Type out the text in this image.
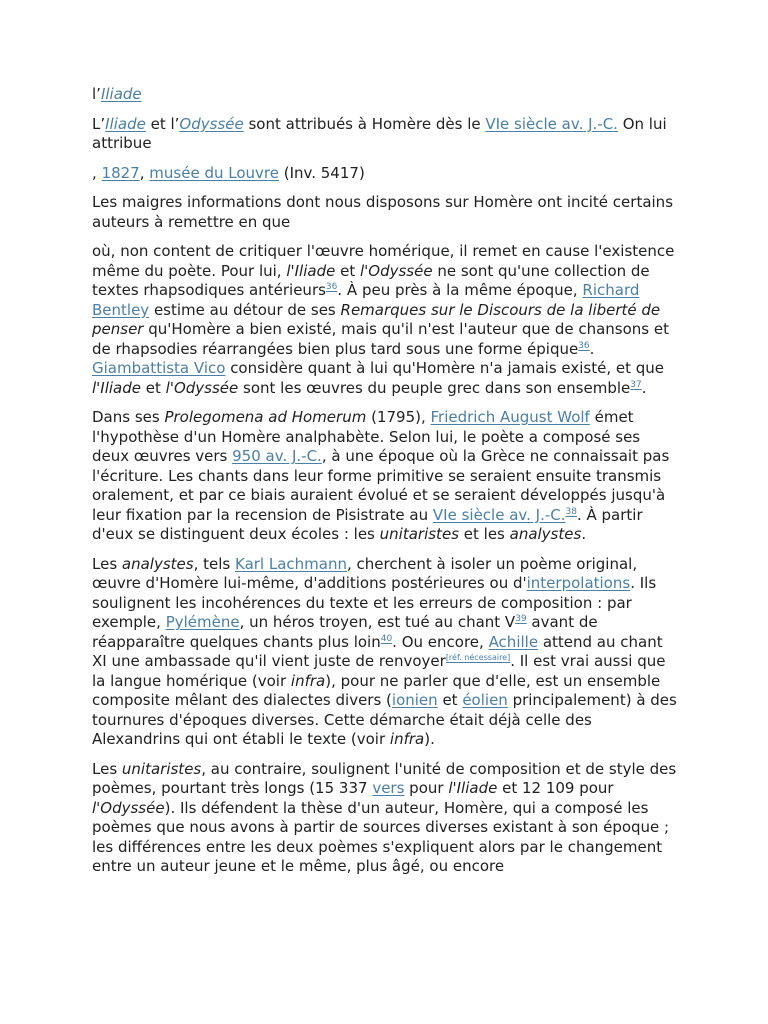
l’Iliade

L’Iliade et l’Odyssée sont attribués à Homère dès le VIe siècle av. J.-C. On lui attribue

, 1827, musée du Louvre (Inv. 5417)

Les maigres informations dont nous disposons sur Homère ont incité certains auteurs à remettre en que

où, non content de critiquer l'œuvre homérique, il remet en cause l'existence même du poète. Pour lui, l'Iliade et l'Odyssée ne sont qu'une collection de textes rhapsodiques antérieurs$^{36}$. À peu près à la même époque, Richard Bentley estime au détour de ses Remarques sur le Discours de la liberté de penser qu'Homère a bien existé, mais qu'il n'est l'auteur que de chansons et de rhapsodies réarrangées bien plus tard sous une forme épique$^{36}$. Giambattista Vico considère quant à lui qu'Homère n'a jamais existé, et que l'Iliade et l'Odyssée sont les œuvres du peuple grec dans son ensemble$^{37}$.

Dans ses Prolegomena ad Homerum (1795), Friedrich August Wolf émet l'hypothèse d'un Homère analphabète. Selon lui, le poète a composé ses deux œuvres vers 950 av. J.-C., à une époque où la Grèce ne connaissait pas l'écriture. Les chants dans leur forme primitive se seraient ensuite transmis oralement, et par ce biais auraient évolué et se seraient développés jusqu'à leur fixation par la recension de Pisistrate au VIe siècle av. J.-C.$^{38}$. À partir d'eux se distinguent deux écoles : les unitaristes et les analystes.

Les analystes, tels Karl Lachmann, cherchent à isoler un poème original, œuvre d'Homère lui-même, d'additions postérieures ou d'interpolations. Ils soulignent les incohérences du texte et les erreurs de composition : par exemple, Pylémène, un héros troyen, est tué au chant V$^{39}$ avant de réapparaître quelques chants plus loin$^{40}$. Ou encore, Achille attend au chant XI une ambassade qu'il vient juste de renvoyer[réf. nécessaire]. Il est vrai aussi que la langue homérique (voir infra), pour ne parler que d'elle, est un ensemble composite mêlant des dialectes divers (ionien et éolien principalement) à des tournures d'époques diverses. Cette démarche était déjà celle des Alexandrins qui ont établi le texte (voir infra).

Les unitaristes, au contraire, soulignent l'unité de composition et de style des poèmes, pourtant très longs (15 337 vers pour l'Iliade et 12 109 pour l'Odyssée). Ils défendent la thèse d'un auteur, Homère, qui a composé les poèmes que nous avons à partir de sources diverses existant à son époque ; les différences entre les deux poèmes s'expliquent alors par le changement entre un auteur jeune et le même, plus âgé, ou encore
